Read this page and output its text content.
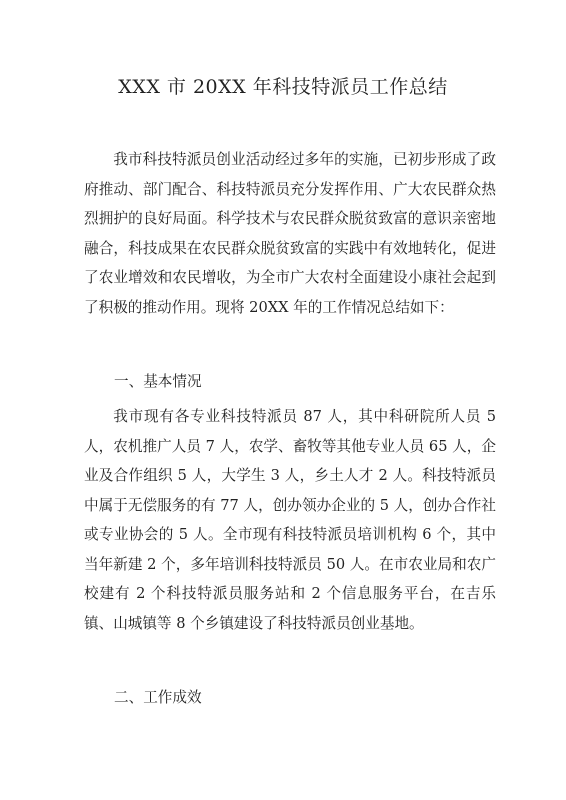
XXX 市 20XX 年科技特派员工作总结
我市科技特派员创业活动经过多年的实施，已初步形成了政府推动、部门配合、科技特派员充分发挥作用、广大农民群众热烈拥护的良好局面。科学技术与农民群众脱贫致富的意识亲密地融合，科技成果在农民群众脱贫致富的实践中有效地转化，促进了农业增效和农民增收，为全市广大农村全面建设小康社会起到了积极的推动作用。现将 20XX 年的工作情况总结如下：
一、基本情况
我市现有各专业科技特派员 87 人，其中科研院所人员 5 人，农机推广人员 7 人，农学、畜牧等其他专业人员 65 人，企业及合作组织 5 人，大学生 3 人，乡土人才 2 人。科技特派员中属于无偿服务的有 77 人，创办领办企业的 5 人，创办合作社或专业协会的 5 人。全市现有科技特派员培训机构 6 个，其中当年新建 2 个，多年培训科技特派员 50 人。在市农业局和农广校建有 2 个科技特派员服务站和 2 个信息服务平台，在吉乐镇、山城镇等 8 个乡镇建设了科技特派员创业基地。
二、工作成效
